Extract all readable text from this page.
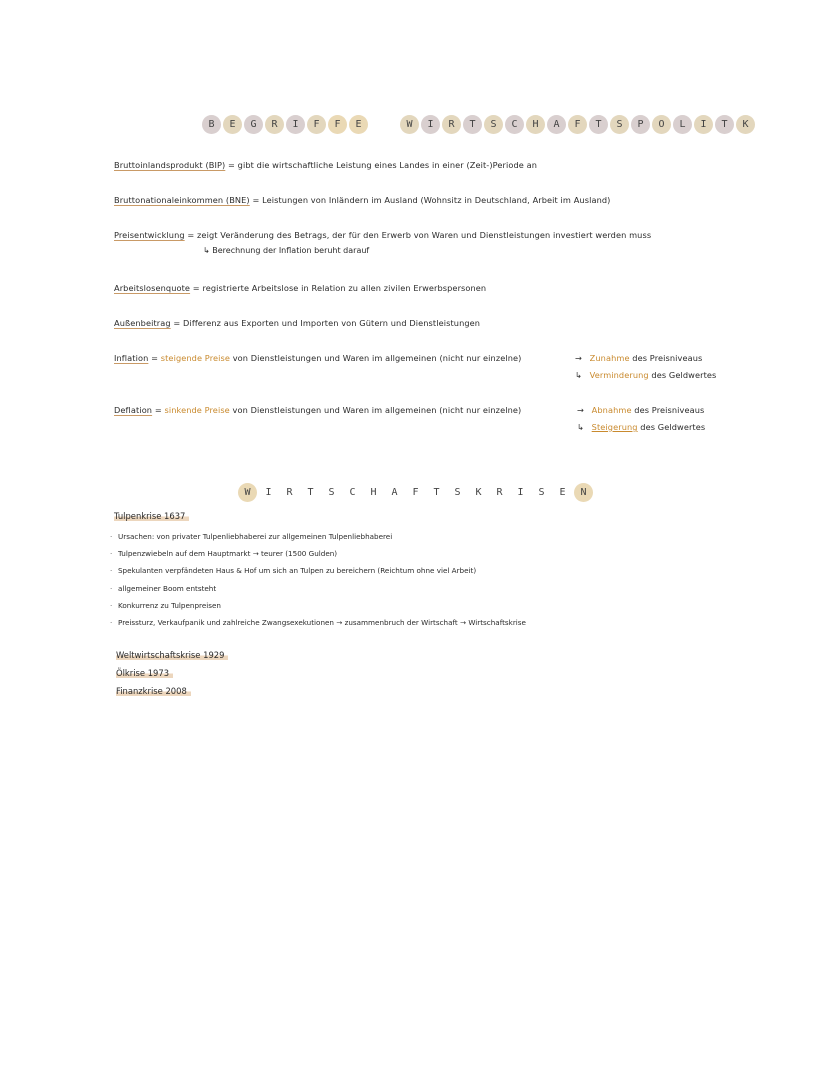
B	E	G	R	I	F	F	E	W	I	R	T	S	C	H	A	F	T	S	P	O	L	I	T	K
Bruttoinlandsprodukt (BIP) = gibt die wirtschaftliche Leistung eines Landes in einer (Zeit-)Periode an
Bruttonationaleinkommen (BNE) = Leistungen von Inländern im Ausland (Wohnsitz in Deutschland, Arbeit im Ausland)
Preisentwicklung = zeigt Veränderung des Betrags, der für den Erwerb von Waren und Dienstleistungen investiert werden muss
↳ Berechnung der Inflation beruht darauf
Arbeitslosenquote = registrierte Arbeitslose in Relation zu allen zivilen Erwerbspersonen
Außenbeitrag = Differenz aus Exporten und Importen von Gütern und Dienstleistungen
Inflation = steigende Preise von Dienstleistungen und Waren im allgemeinen (nicht nur einzelne)	→ Zunahme des Preisniveaus
↳ Verminderung des Geldwertes
Deflation = sinkende Preise von Dienstleistungen und Waren im allgemeinen (nicht nur einzelne)	→ Abnahme des Preisniveaus
↳ Steigerung des Geldwertes
W	I	R	T	S	C	H	A	F	T	S	K	R	I	S	E	N
Tulpenkrise 1637
· Ursachen: von privater Tulpenliebhaberei zur allgemeinen Tulpenliebhaberei
· Tulpenzwiebeln auf dem Hauptmarkt → teurer (1500 Gulden)
· Spekulanten verpfändeten Haus & Hof um sich an Tulpen zu bereichern (Reichtum ohne viel Arbeit)
· allgemeiner Boom entsteht
· Konkurrenz zu Tulpenpreisen
· Preissturz, Verkaufpanik und zahlreiche Zwangsexekutionen → zusammenbruch der Wirtschaft → Wirtschaftskrise
Weltwirtschaftskrise 1929
Ölkrise 1973
Finanzkrise 2008
